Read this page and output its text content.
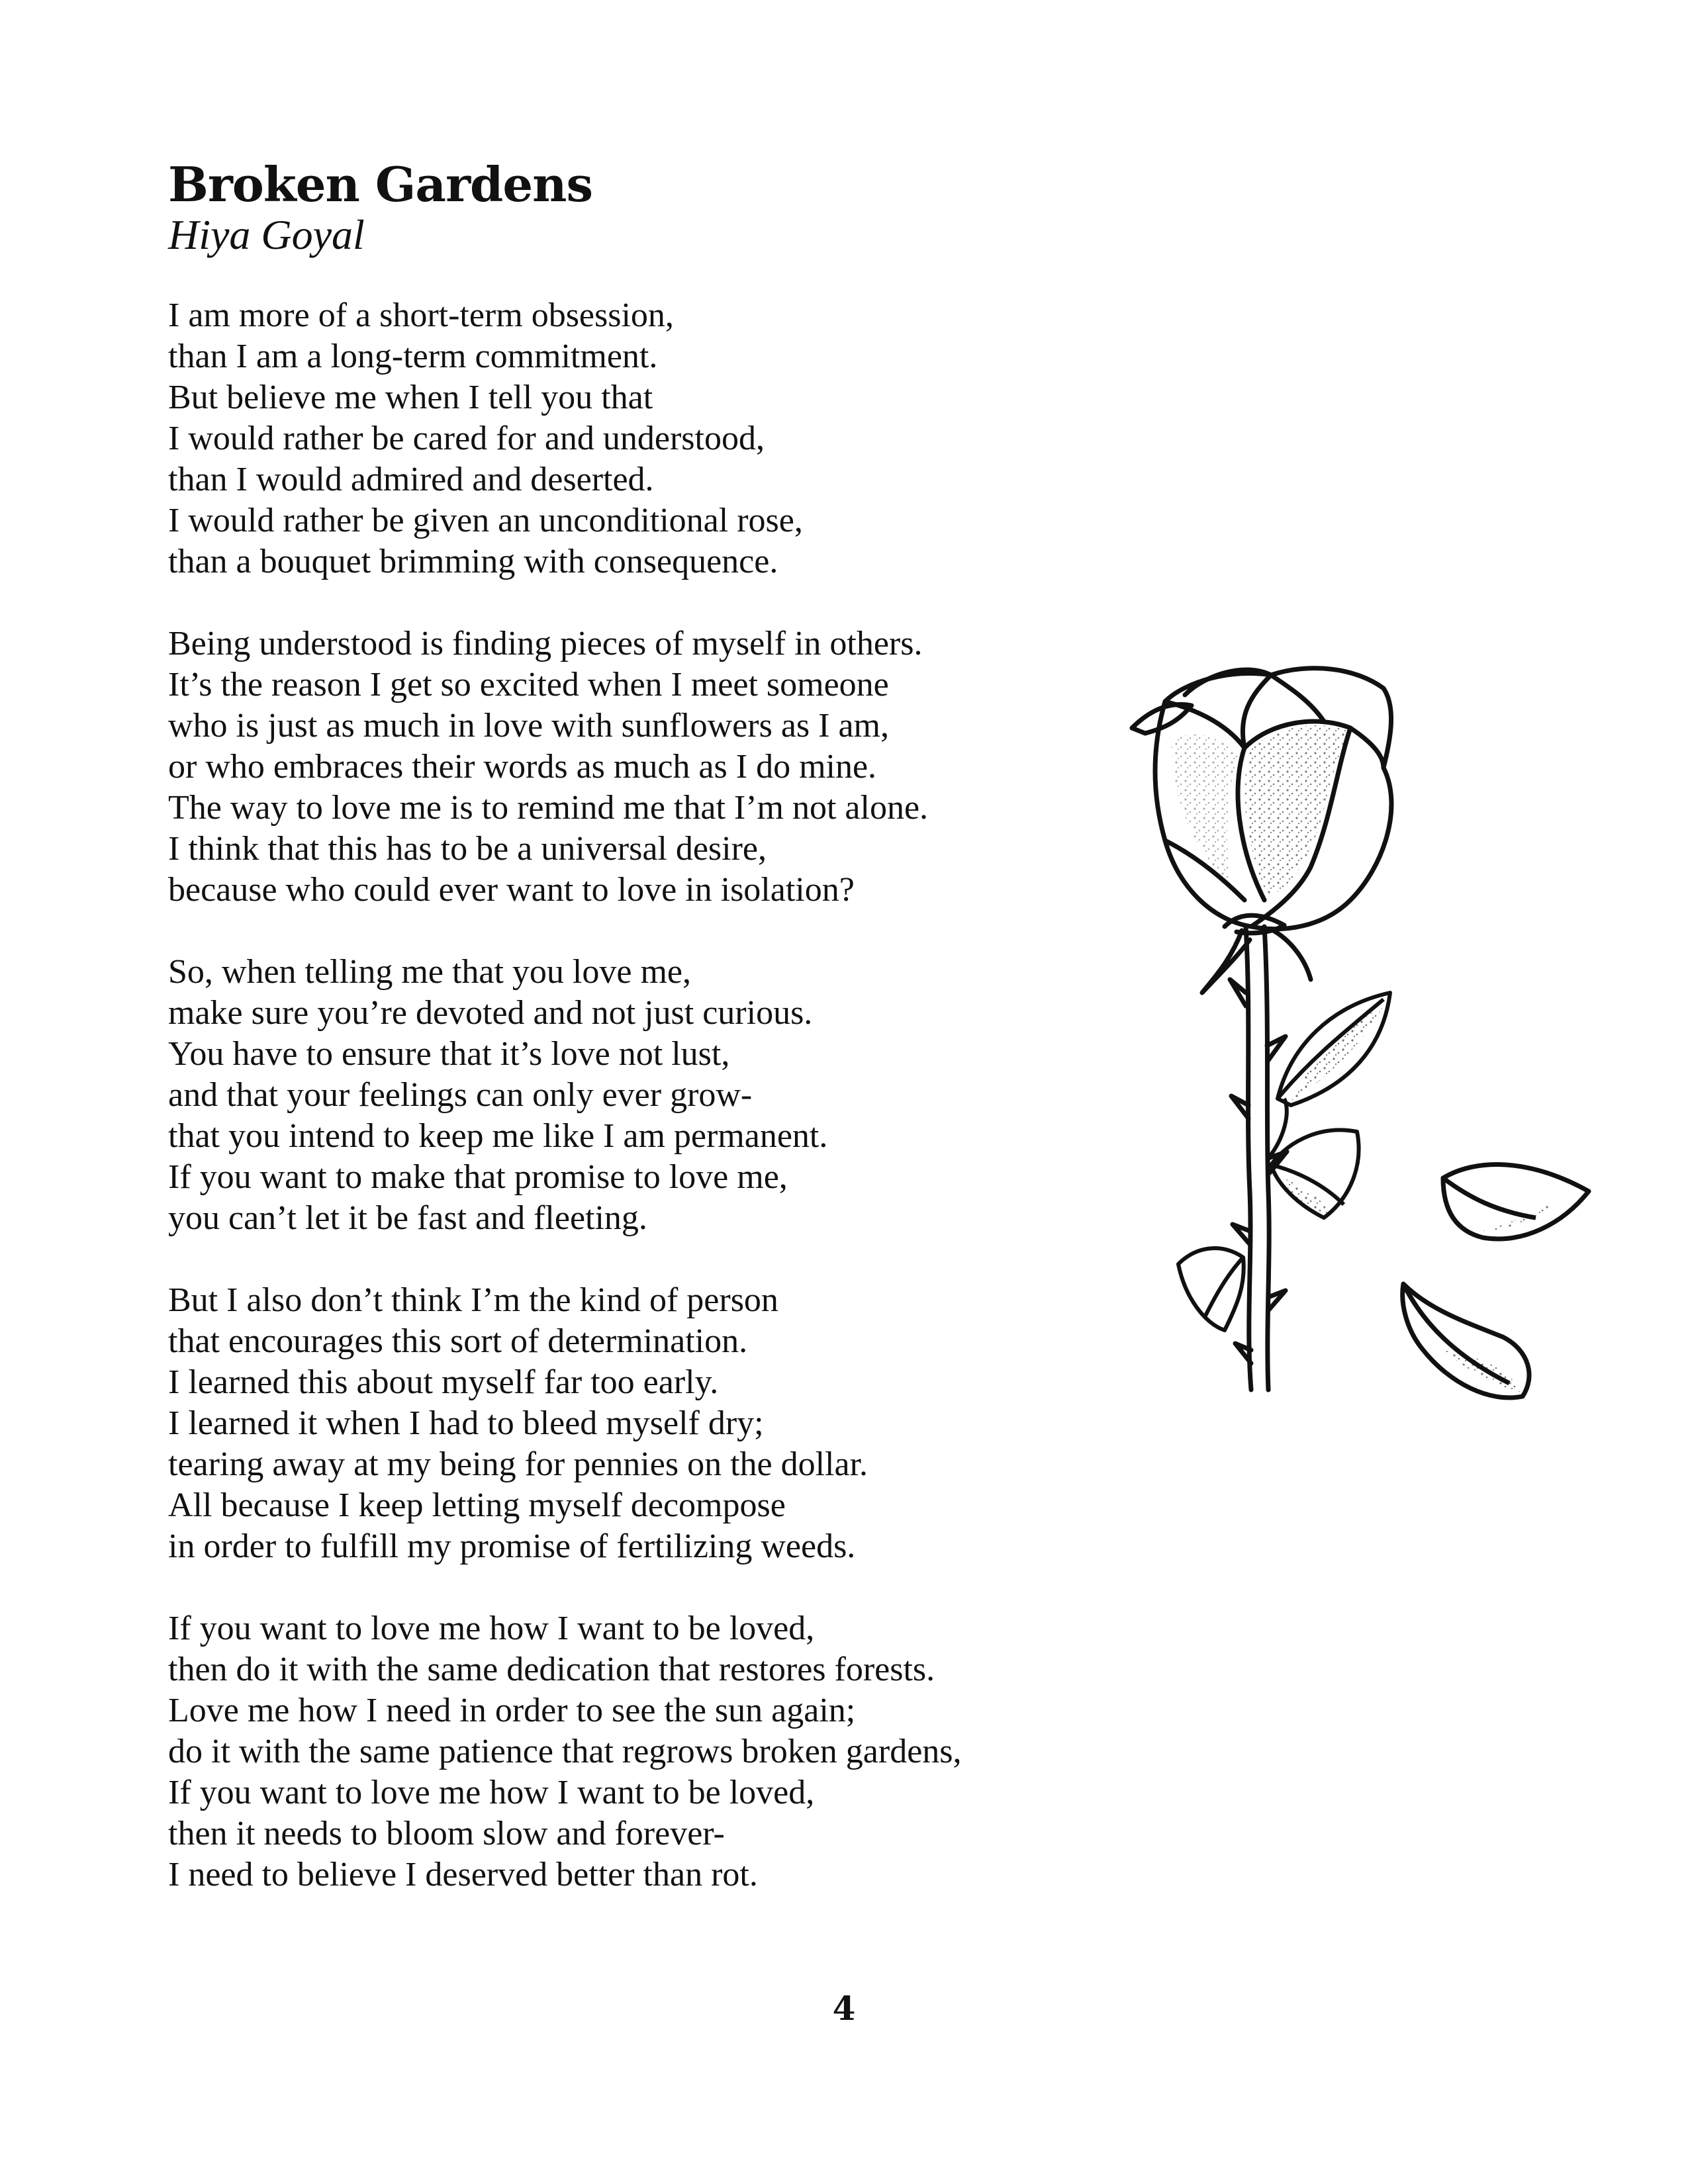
Broken Gardens

Hiya Goyal

I am more of a short-term obsession,
than I am a long-term commitment.
But believe me when I tell you that
I would rather be cared for and understood,
than I would admired and deserted.
I would rather be given an unconditional rose,
than a bouquet brimming with consequence.
Being understood is finding pieces of myself in others.
It’s the reason I get so excited when I meet someone
who is just as much in love with sunflowers as I am,
or who embraces their words as much as I do mine.
The way to love me is to remind me that I’m not alone.
I think that this has to be a universal desire,
because who could ever want to love in isolation?
So, when telling me that you love me,
make sure you’re devoted and not just curious.
You have to ensure that it’s love not lust,
and that your feelings can only ever grow-
that you intend to keep me like I am permanent.
If you want to make that promise to love me,
you can’t let it be fast and fleeting.
But I also don’t think I’m the kind of person
that encourages this sort of determination.
I learned this about myself far too early.
I learned it when I had to bleed myself dry;
tearing away at my being for pennies on the dollar.
All because I keep letting myself decompose
in order to fulfill my promise of fertilizing weeds.
If you want to love me how I want to be loved,
then do it with the same dedication that restores forests.
Love me how I need in order to see the sun again;
do it with the same patience that regrows broken gardens,
If you want to love me how I want to be loved,
then it needs to bloom slow and forever-
I need to believe I deserved better than rot.
4
